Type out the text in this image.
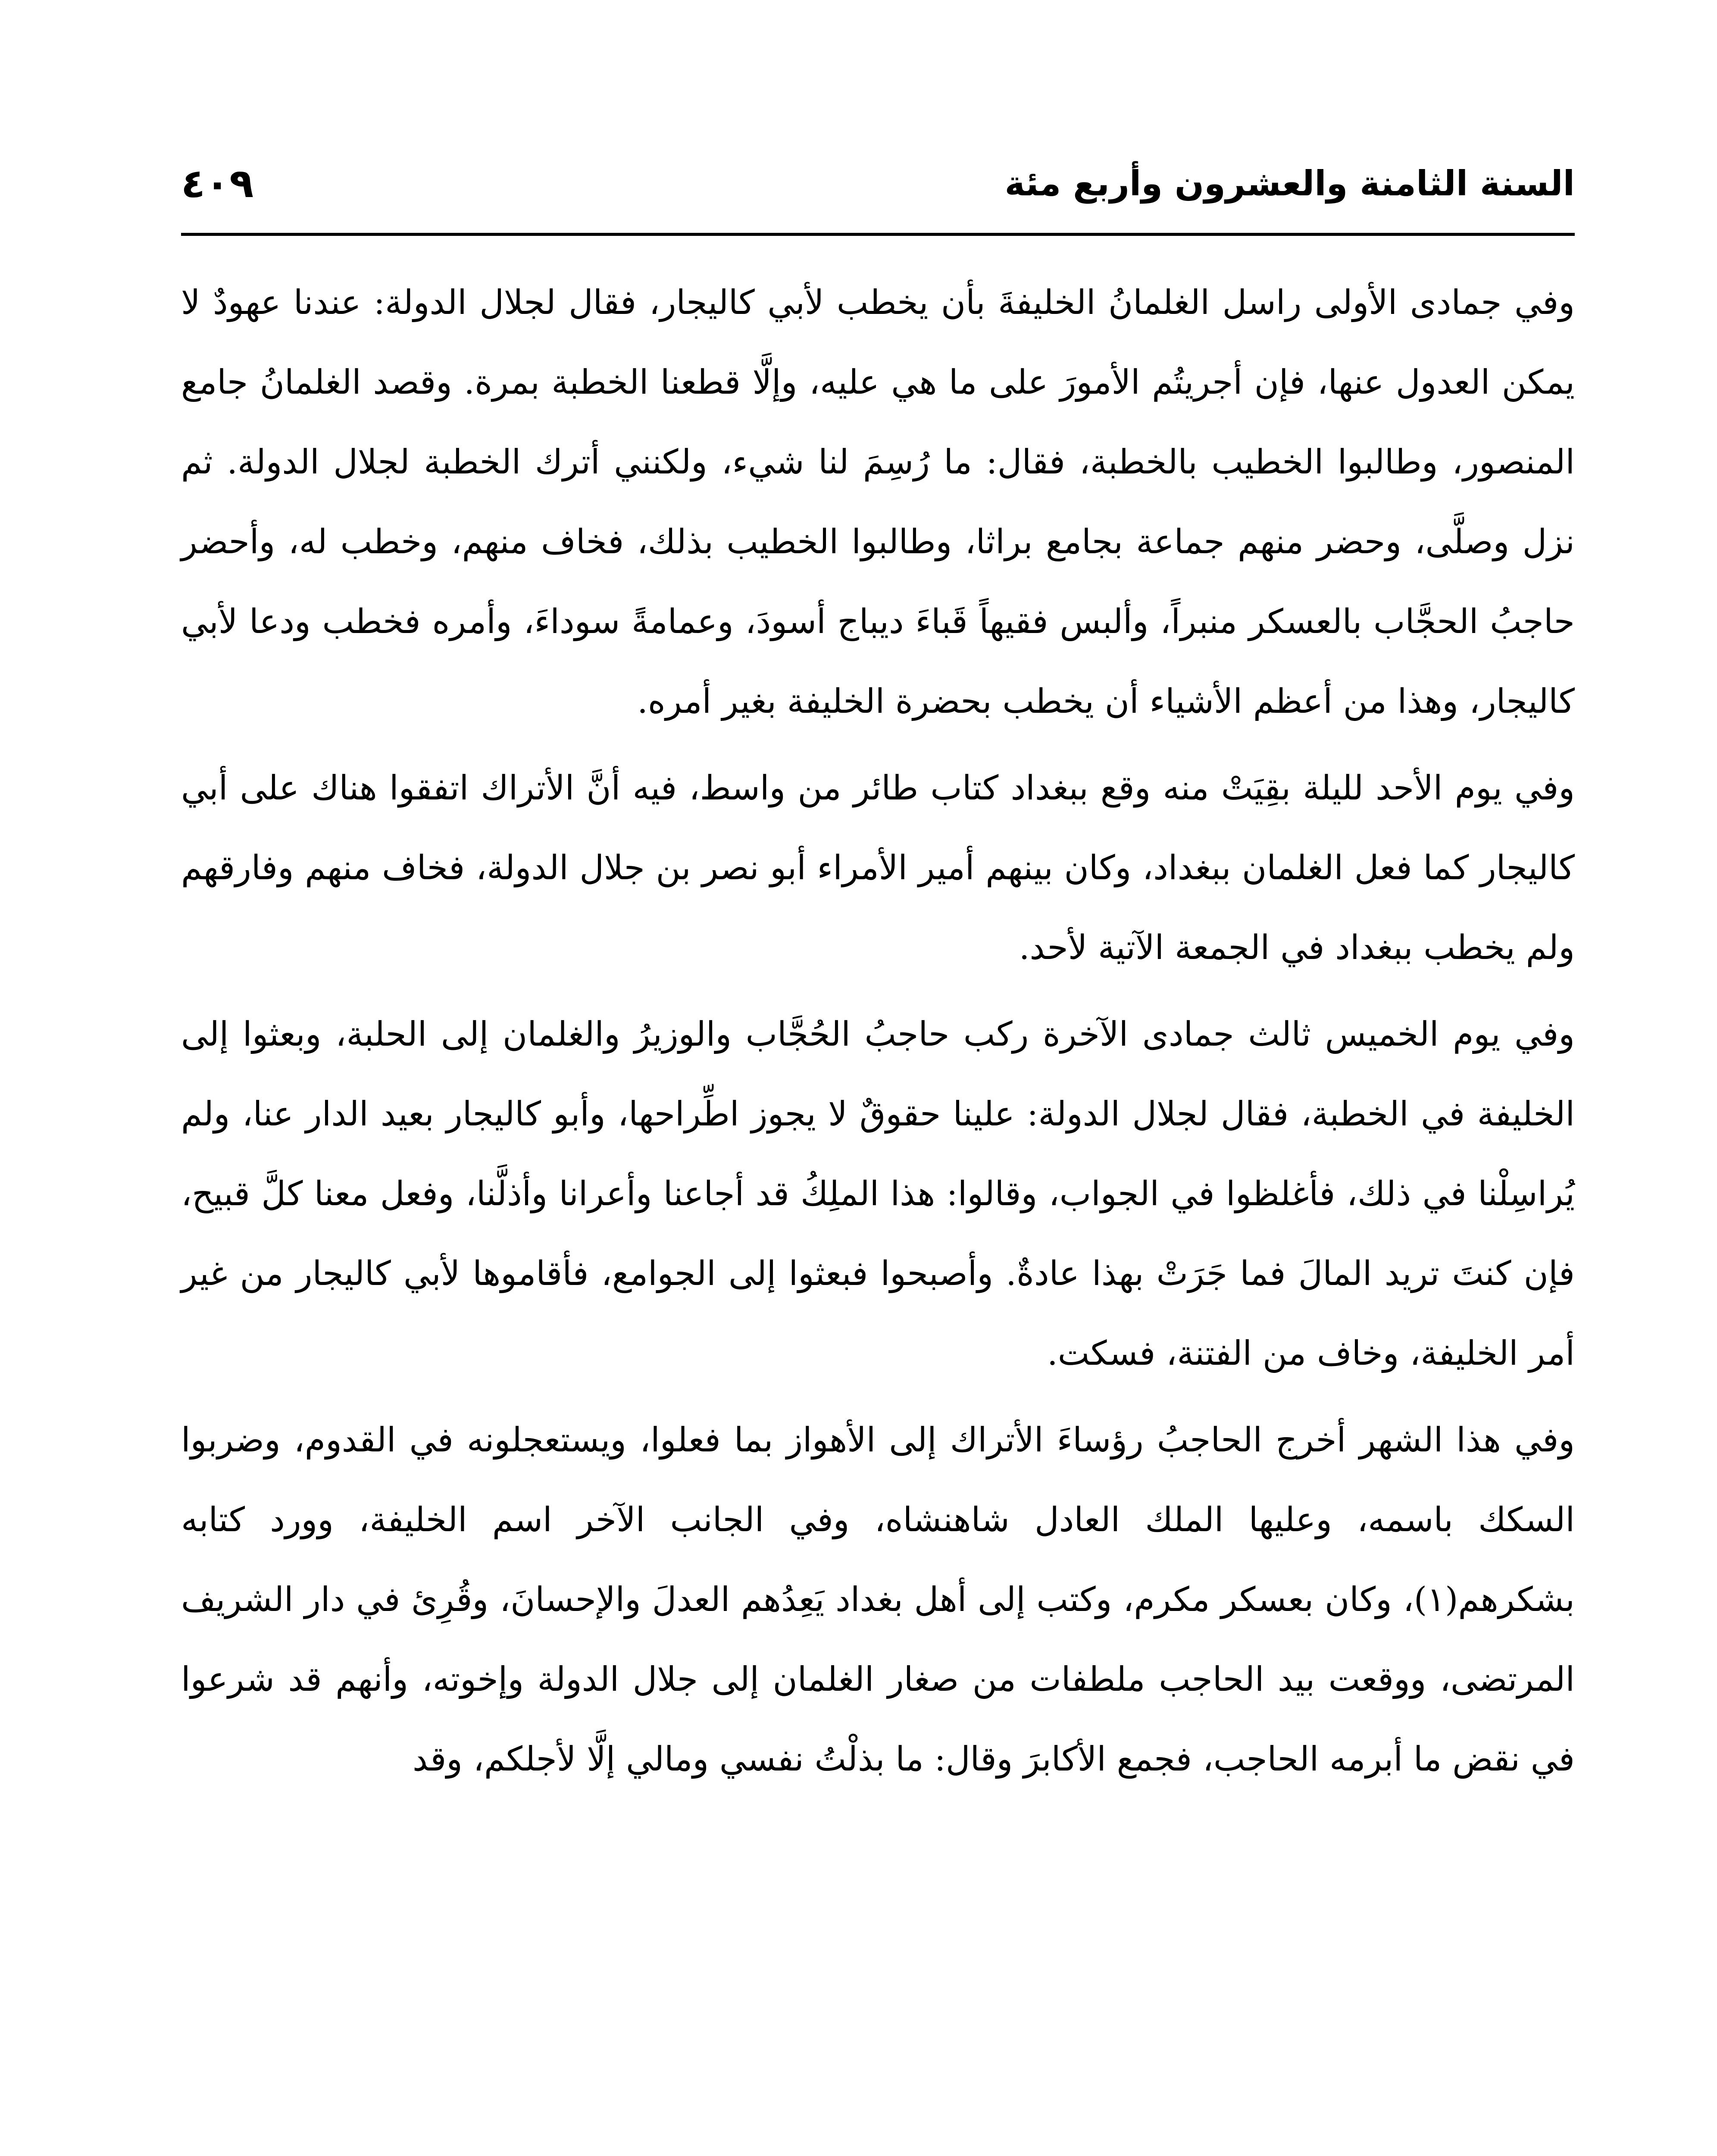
السنة الثامنة والعشرون وأربع مئة
٤٠٩

وفي جمادى الأولى راسل الغلمانُ الخليفةَ بأن يخطب لأبي كاليجار، فقال لجلال الدولة: عندنا عهودٌ لا يمكن العدول عنها، فإن أجريتُم الأمورَ على ما هي عليه، وإلَّا قطعنا الخطبة بمرة. وقصد الغلمانُ جامع المنصور، وطالبوا الخطيب بالخطبة، فقال: ما رُسِمَ لنا شيء، ولكنني أترك الخطبة لجلال الدولة. ثم نزل وصلَّى، وحضر منهم جماعة بجامع براثا، وطالبوا الخطيب بذلك، فخاف منهم، وخطب له، وأحضر حاجبُ الحجَّاب بالعسكر منبراً، وألبس فقيهاً قَباءَ ديباج أسودَ، وعمامةً سوداءَ، وأمره فخطب ودعا لأبي كاليجار، وهذا من أعظم الأشياء أن يخطب بحضرة الخليفة بغير أمره.

وفي يوم الأحد لليلة بقِيَتْ منه وقع ببغداد كتاب طائر من واسط، فيه أنَّ الأتراك اتفقوا هناك على أبي كاليجار كما فعل الغلمان ببغداد، وكان بينهم أمير الأمراء أبو نصر بن جلال الدولة، فخاف منهم وفارقهم ولم يخطب ببغداد في الجمعة الآتية لأحد.

وفي يوم الخميس ثالث جمادى الآخرة ركب حاجبُ الحُجَّاب والوزيرُ والغلمان إلى الحلبة، وبعثوا إلى الخليفة في الخطبة، فقال لجلال الدولة: علينا حقوقٌ لا يجوز اطِّراحها، وأبو كاليجار بعيد الدار عنا، ولم يُراسِلْنا في ذلك، فأغلظوا في الجواب، وقالوا: هذا الملِكُ قد أجاعنا وأعرانا وأذلَّنا، وفعل معنا كلَّ قبيح، فإن كنتَ تريد المالَ فما جَرَتْ بهذا عادةٌ. وأصبحوا فبعثوا إلى الجوامع، فأقاموها لأبي كاليجار من غير أمر الخليفة، وخاف من الفتنة، فسكت.

وفي هذا الشهر أخرج الحاجبُ رؤساءَ الأتراك إلى الأهواز بما فعلوا، ويستعجلونه في القدوم، وضربوا السكك باسمه، وعليها الملك العادل شاهنشاه، وفي الجانب الآخر اسم الخليفة، وورد كتابه بشكرهم(١)، وكان بعسكر مكرم، وكتب إلى أهل بغداد يَعِدُهم العدلَ والإحسانَ، وقُرِئ في دار الشريف المرتضى، ووقعت بيد الحاجب ملطفات من صغار الغلمان إلى جلال الدولة وإخوته، وأنهم قد شرعوا في نقض ما أبرمه الحاجب، فجمع الأكابرَ وقال: ما بذلْتُ نفسي ومالي إلَّا لأجلكم، وقد
